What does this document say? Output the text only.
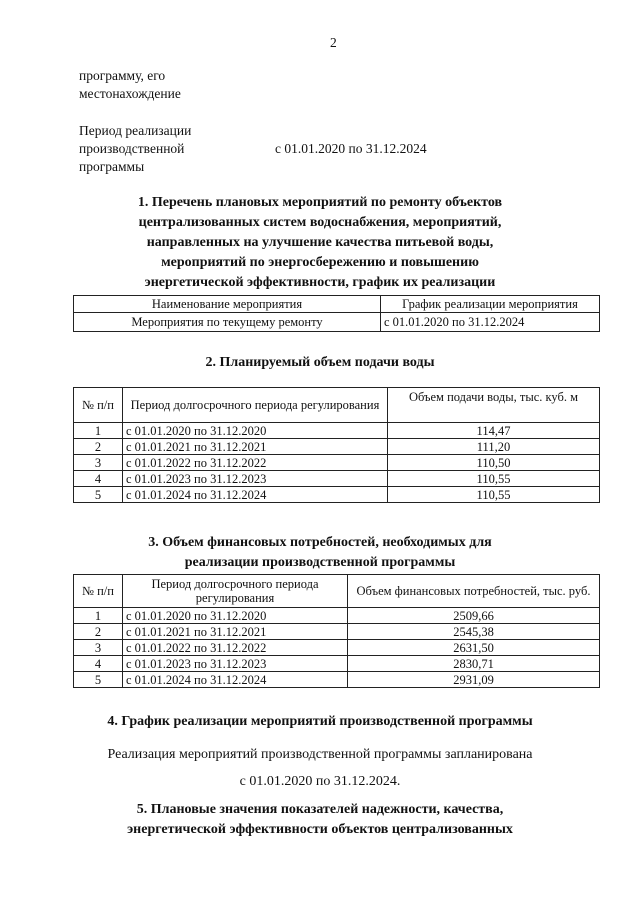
2
программу, его
местонахождение
Период реализации
производственной
программы
с 01.01.2020 по 31.12.2024
1. Перечень плановых мероприятий по ремонту объектов
централизованных систем водоснабжения, мероприятий,
направленных на улучшение качества питьевой воды,
мероприятий по энергосбережению и повышению
энергетической эффективности, график их реализации
Наименование мероприятия	График реализации мероприятия
Мероприятия по текущему ремонту	с 01.01.2020 по 31.12.2024
2. Планируемый объем подачи воды
№ п/п	Период долгосрочного периода регулирования	Объем подачи воды, тыс. куб. м
1	с 01.01.2020 по 31.12.2020	114,47
2	с 01.01.2021 по 31.12.2021	111,20
3	с 01.01.2022 по 31.12.2022	110,50
4	с 01.01.2023 по 31.12.2023	110,55
5	с 01.01.2024 по 31.12.2024	110,55
3. Объем финансовых потребностей, необходимых для
реализации производственной программы
№ п/п	Период долгосрочного периода регулирования	Объем финансовых потребностей, тыс. руб.
1	с 01.01.2020 по 31.12.2020	2509,66
2	с 01.01.2021 по 31.12.2021	2545,38
3	с 01.01.2022 по 31.12.2022	2631,50
4	с 01.01.2023 по 31.12.2023	2830,71
5	с 01.01.2024 по 31.12.2024	2931,09
4. График реализации мероприятий производственной программы
Реализация мероприятий производственной программы запланирована
с 01.01.2020 по 31.12.2024.
5. Плановые значения показателей надежности, качества,
энергетической эффективности объектов централизованных
